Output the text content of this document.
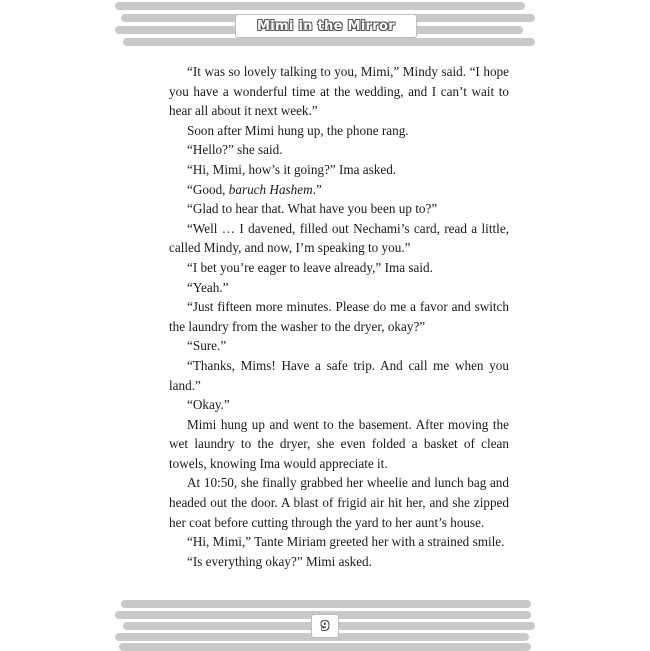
Mimi in the Mirror

“It was so lovely talking to you, Mimi,” Mindy said. “I hope you have a wonderful time at the wedding, and I can’t wait to hear all about it next week.”

Soon after Mimi hung up, the phone rang.

“Hello?” she said.

“Hi, Mimi, how’s it going?” Ima asked.

“Good, baruch Hashem.”

“Glad to hear that. What have you been up to?”

“Well … I davened, filled out Nechami’s card, read a little, called Mindy, and now, I’m speaking to you.”

“I bet you’re eager to leave already,” Ima said.

“Yeah.”

“Just fifteen more minutes. Please do me a favor and switch the laundry from the washer to the dryer, okay?”

“Sure.”

“Thanks, Mims! Have a safe trip. And call me when you land.”

“Okay.”

Mimi hung up and went to the basement. After moving the wet laundry to the dryer, she even folded a basket of clean towels, knowing Ima would appreciate it.

At 10:50, she finally grabbed her wheelie and lunch bag and headed out the door. A blast of frigid air hit her, and she zipped her coat before cutting through the yard to her aunt’s house.

“Hi, Mimi,” Tante Miriam greeted her with a strained smile.

“Is everything okay?” Mimi asked.

9
